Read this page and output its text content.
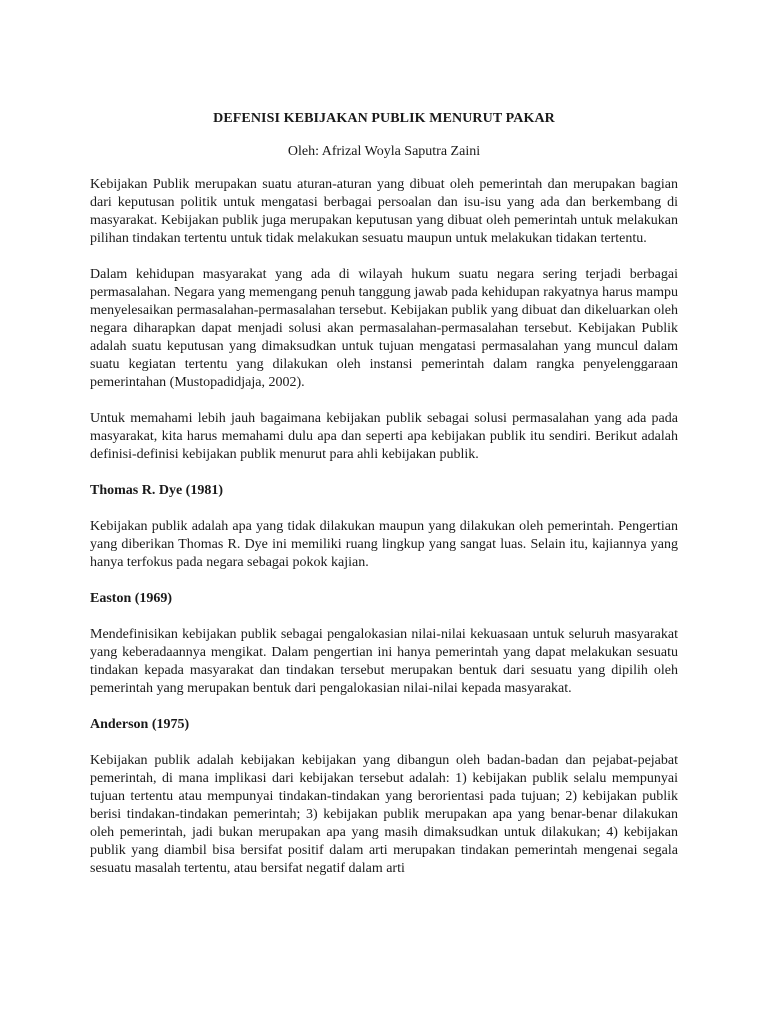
DEFENISI KEBIJAKAN PUBLIK MENURUT PAKAR
Oleh: Afrizal Woyla Saputra Zaini

Kebijakan Publik merupakan suatu aturan-aturan yang dibuat oleh pemerintah dan merupakan bagian dari keputusan politik untuk mengatasi berbagai persoalan dan isu-isu yang ada dan berkembang di masyarakat. Kebijakan publik juga merupakan keputusan yang dibuat oleh pemerintah untuk melakukan pilihan tindakan tertentu untuk tidak melakukan sesuatu maupun untuk melakukan tidakan tertentu.

Dalam kehidupan masyarakat yang ada di wilayah hukum suatu negara sering terjadi berbagai permasalahan. Negara yang memengang penuh tanggung jawab pada kehidupan rakyatnya harus mampu menyelesaikan permasalahan-permasalahan tersebut. Kebijakan publik yang dibuat dan dikeluarkan oleh negara diharapkan dapat menjadi solusi akan permasalahan-permasalahan tersebut. Kebijakan Publik adalah suatu keputusan yang dimaksudkan untuk tujuan mengatasi permasalahan yang muncul dalam suatu kegiatan tertentu yang dilakukan oleh instansi pemerintah dalam rangka penyelenggaraan pemerintahan (Mustopadidjaja, 2002).

Untuk memahami lebih jauh bagaimana kebijakan publik sebagai solusi permasalahan yang ada pada masyarakat, kita harus memahami dulu apa dan seperti apa kebijakan publik itu sendiri. Berikut adalah definisi-definisi kebijakan publik menurut para ahli kebijakan publik.

Thomas R. Dye (1981)

Kebijakan publik adalah apa yang tidak dilakukan maupun yang dilakukan oleh pemerintah. Pengertian yang diberikan Thomas R. Dye ini memiliki ruang lingkup yang sangat luas. Selain itu, kajiannya yang hanya terfokus pada negara sebagai pokok kajian.

Easton (1969)

Mendefinisikan kebijakan publik sebagai pengalokasian nilai-nilai kekuasaan untuk seluruh masyarakat yang keberadaannya mengikat. Dalam pengertian ini hanya pemerintah yang dapat melakukan sesuatu tindakan kepada masyarakat dan tindakan tersebut merupakan bentuk dari sesuatu yang dipilih oleh pemerintah yang merupakan bentuk dari pengalokasian nilai-nilai kepada masyarakat.

Anderson (1975)

Kebijakan publik adalah kebijakan kebijakan yang dibangun oleh badan-badan dan pejabat-pejabat pemerintah, di mana implikasi dari kebijakan tersebut adalah: 1) kebijakan publik selalu mempunyai tujuan tertentu atau mempunyai tindakan-tindakan yang berorientasi pada tujuan; 2) kebijakan publik berisi tindakan-tindakan pemerintah; 3) kebijakan publik merupakan apa yang benar-benar dilakukan oleh pemerintah, jadi bukan merupakan apa yang masih dimaksudkan untuk dilakukan; 4) kebijakan publik yang diambil bisa bersifat positif dalam arti merupakan tindakan pemerintah mengenai segala sesuatu masalah tertentu, atau bersifat negatif dalam arti
